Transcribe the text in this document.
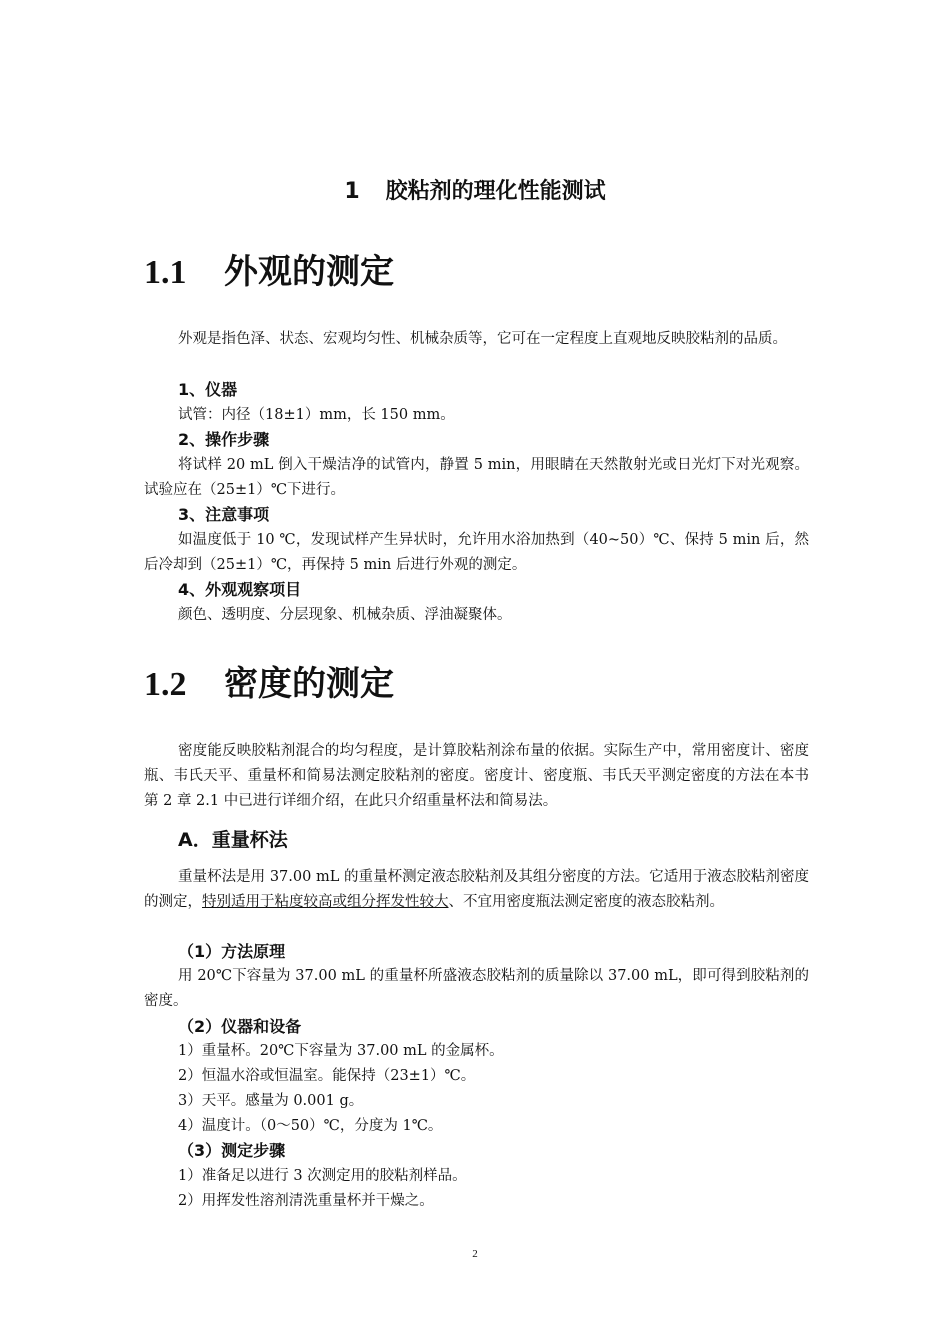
1 胶粘剂的理化性能测试
1.1 外观的测定
外观是指色泽、状态、宏观均匀性、机械杂质等，它可在一定程度上直观地反映胶粘剂的品质。
1、仪器
试管：内径（18±1）mm，长 150 mm。
2、操作步骤
将试样 20 mL 倒入干燥洁净的试管内，静置 5 min，用眼睛在天然散射光或日光灯下对光观察。试验应在（25±1）℃下进行。
3、注意事项
如温度低于 10 ℃，发现试样产生异状时，允许用水浴加热到（40~50）℃、保持 5 min 后，然后冷却到（25±1）℃，再保持 5 min 后进行外观的测定。
4、外观观察项目
颜色、透明度、分层现象、机械杂质、浮油凝聚体。
1.2 密度的测定
密度能反映胶粘剂混合的均匀程度，是计算胶粘剂涂布量的依据。实际生产中，常用密度计、密度瓶、韦氏天平、重量杯和简易法测定胶粘剂的密度。密度计、密度瓶、韦氏天平测定密度的方法在本书第 2 章 2.1 中已进行详细介绍，在此只介绍重量杯法和简易法。
A．重量杯法
重量杯法是用 37.00 mL 的重量杯测定液态胶粘剂及其组分密度的方法。它适用于液态胶粘剂密度的测定，特别适用于粘度较高或组分挥发性较大、不宜用密度瓶法测定密度的液态胶粘剂。
（1）方法原理
用 20℃下容量为 37.00 mL 的重量杯所盛液态胶粘剂的质量除以 37.00 mL，即可得到胶粘剂的密度。
（2）仪器和设备
1）重量杯。20℃下容量为 37.00 mL 的金属杯。
2）恒温水浴或恒温室。能保持（23±1）℃。
3）天平。感量为 0.001 g。
4）温度计。（0～50）℃，分度为 1℃。
（3）测定步骤
1）准备足以进行 3 次测定用的胶粘剂样品。
2）用挥发性溶剂清洗重量杯并干燥之。
2
